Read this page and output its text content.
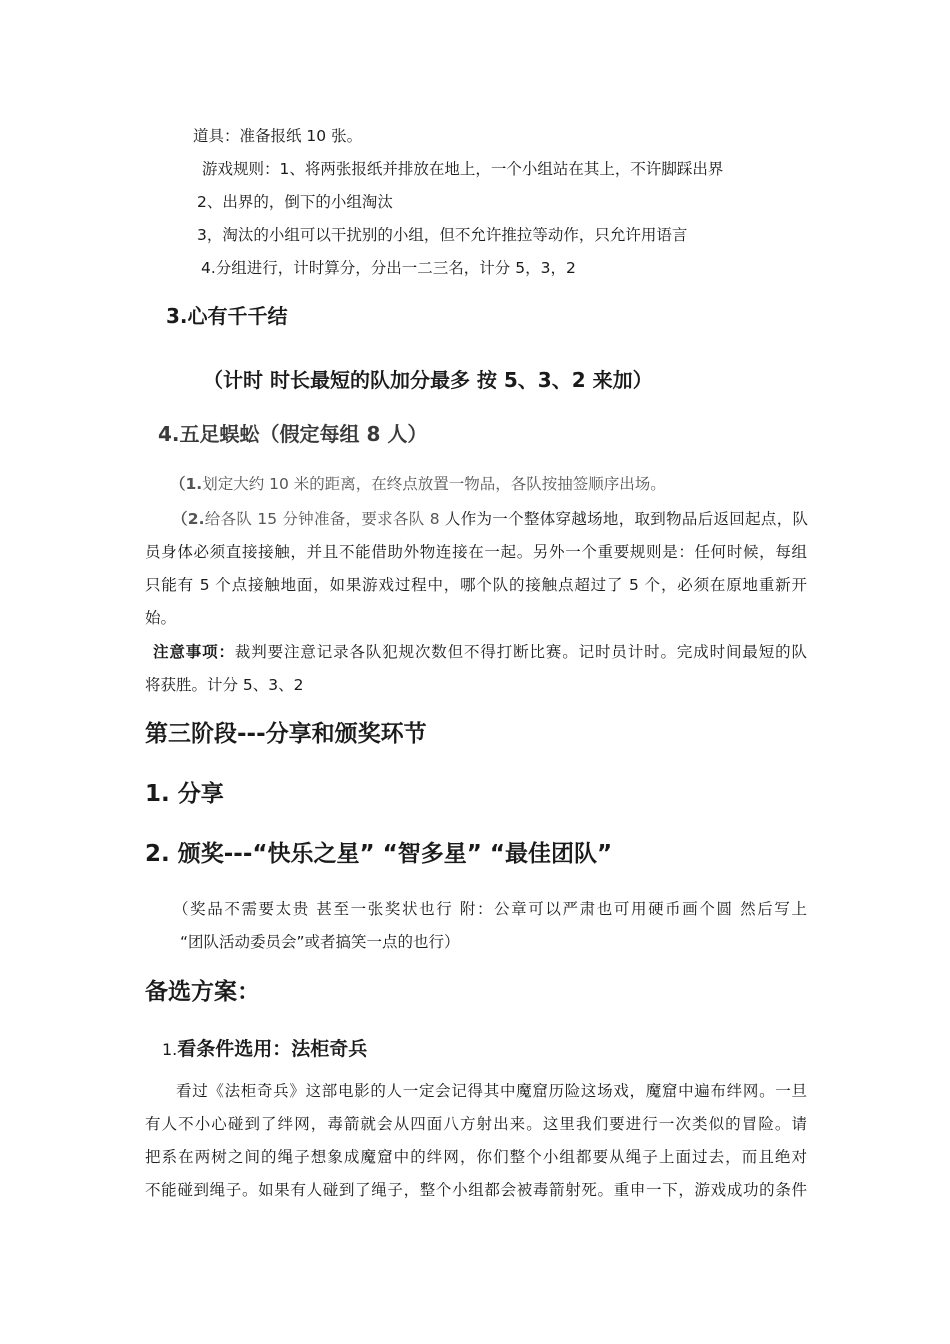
道具：准备报纸 10 张。
游戏规则：1、将两张报纸并排放在地上，一个小组站在其上，不许脚踩出界
2、出界的，倒下的小组淘汰
3，淘汰的小组可以干扰别的小组，但不允许推拉等动作，只允许用语言
4.分组进行，计时算分，分出一二三名，计分 5，3，2
3.心有千千结
（计时 时长最短的队加分最多 按 5、3、2 来加）
4.五足蜈蚣（假定每组 8 人）
（1.划定大约 10 米的距离，在终点放置一物品，各队按抽签顺序出场。
（2.给各队 15 分钟准备，要求各队 8 人作为一个整体穿越场地，取到物品后返回起点，队
员身体必须直接接触，并且不能借助外物连接在一起。另外一个重要规则是：任何时候，每组
只能有 5 个点接触地面，如果游戏过程中，哪个队的接触点超过了 5 个，必须在原地重新开
始。
注意事项：裁判要注意记录各队犯规次数但不得打断比赛。记时员计时。完成时间最短的队
将获胜。计分 5、3、2
第三阶段---分享和颁奖环节
1. 分享
2. 颁奖---“快乐之星” “智多星” “最佳团队”
（奖品不需要太贵 甚至一张奖状也行 附：公章可以严肃也可用硬币画个圆 然后写上
“团队活动委员会”或者搞笑一点的也行）
备选方案：
1.看条件选用：法柜奇兵
看过《法柜奇兵》这部电影的人一定会记得其中魔窟历险这场戏，魔窟中遍布绊网。一旦
有人不小心碰到了绊网，毒箭就会从四面八方射出来。这里我们要进行一次类似的冒险。请
把系在两树之间的绳子想象成魔窟中的绊网，你们整个小组都要从绳子上面过去，而且绝对
不能碰到绳子。如果有人碰到了绳子，整个小组都会被毒箭射死。重申一下，游戏成功的条件
